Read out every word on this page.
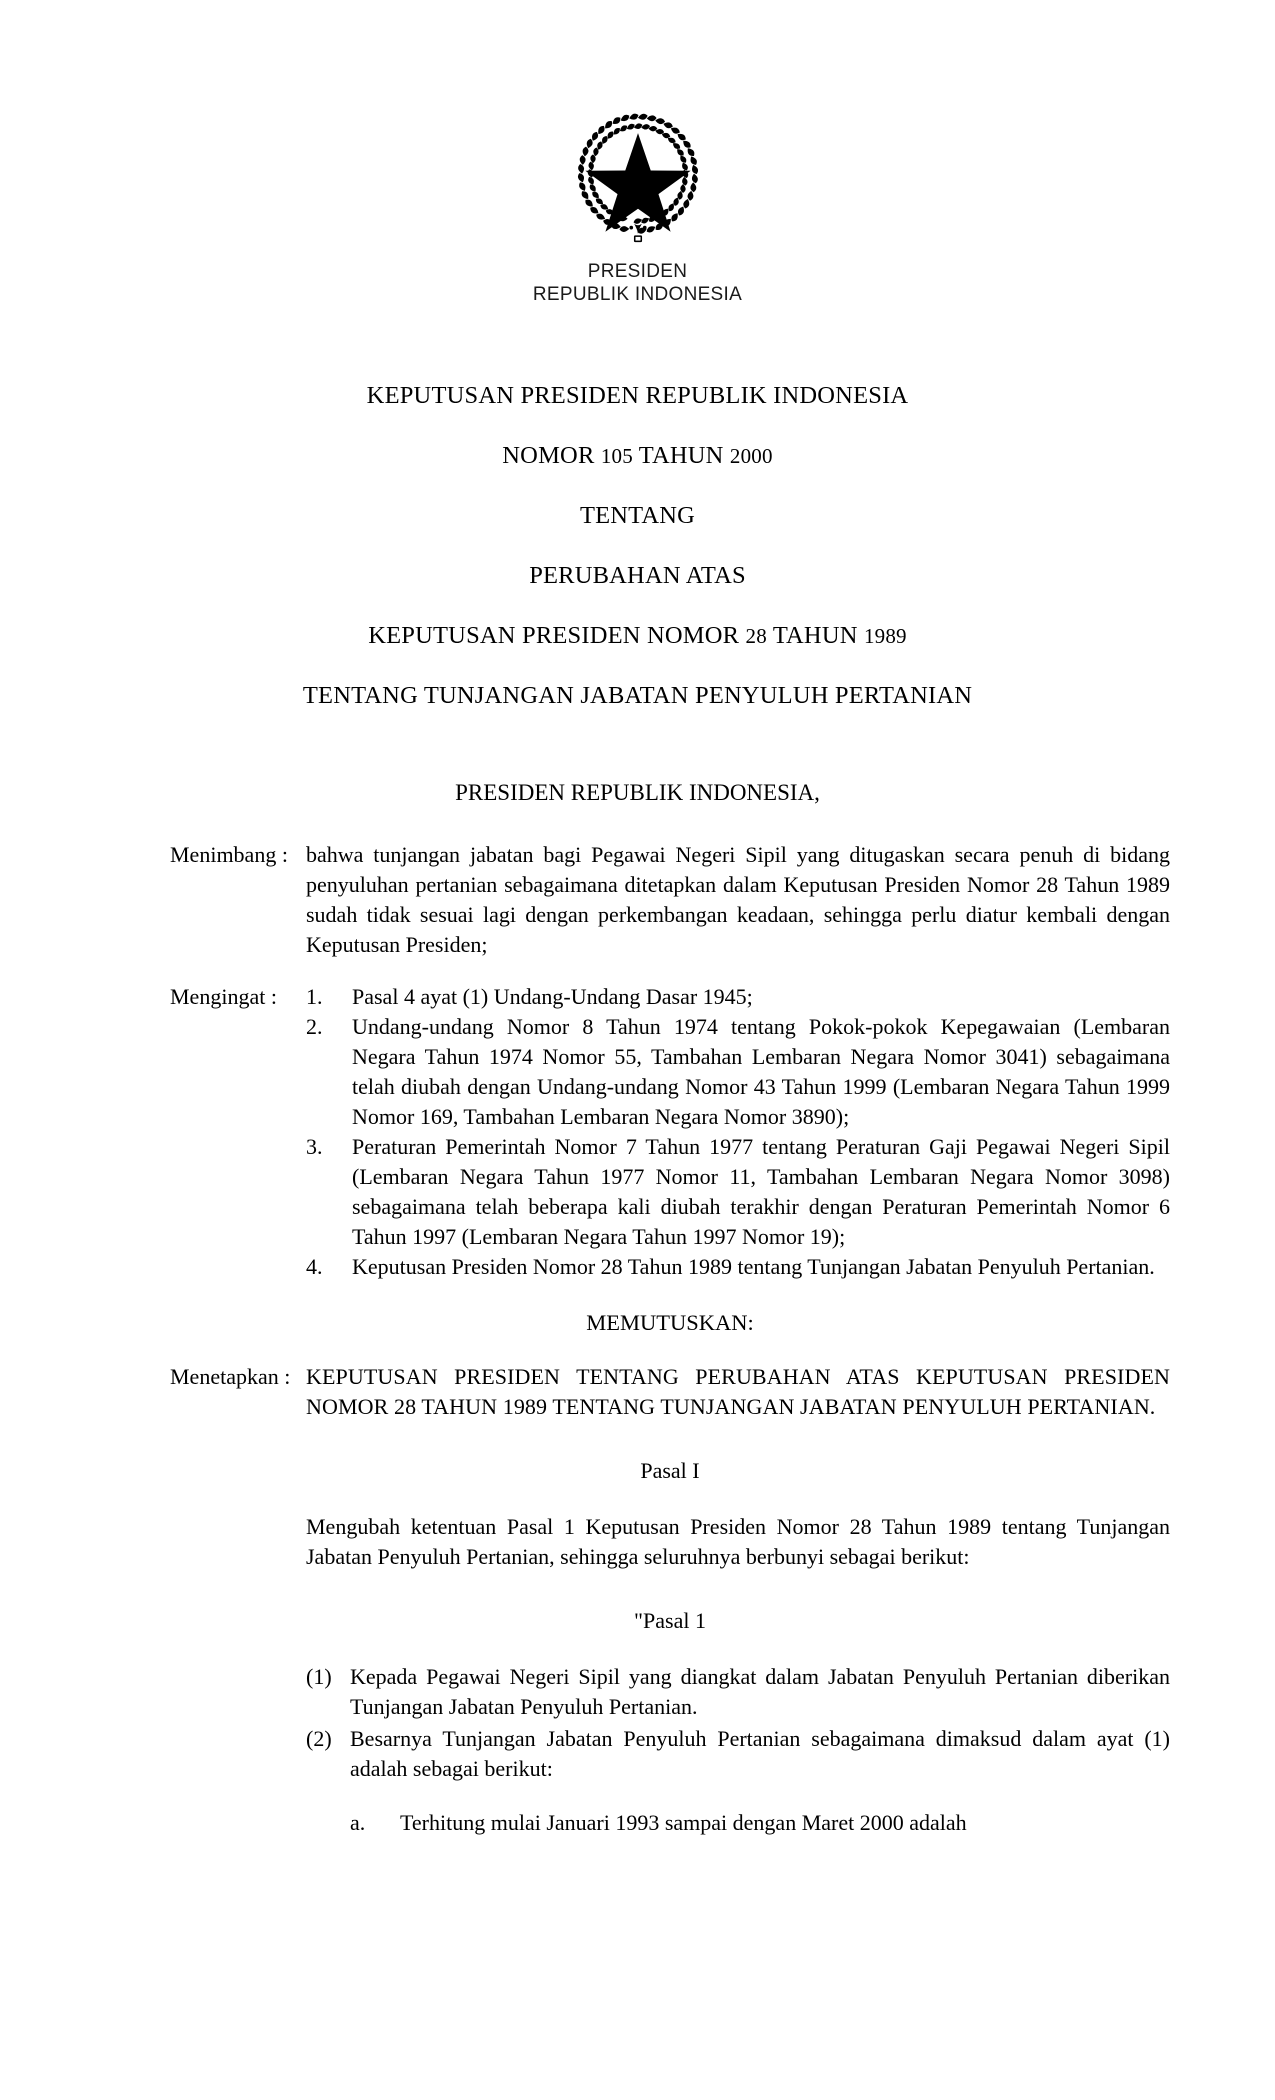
PRESIDEN
REPUBLIK INDONESIA
KEPUTUSAN PRESIDEN REPUBLIK INDONESIA
NOMOR 105 TAHUN 2000
TENTANG
PERUBAHAN ATAS
KEPUTUSAN PRESIDEN NOMOR 28 TAHUN 1989
TENTANG TUNJANGAN JABATAN PENYULUH PERTANIAN
PRESIDEN REPUBLIK INDONESIA,
Menimbang : bahwa tunjangan jabatan bagi Pegawai Negeri Sipil yang ditugaskan secara penuh di bidang penyuluhan pertanian sebagaimana ditetapkan dalam Keputusan Presiden Nomor 28 Tahun 1989 sudah tidak sesuai lagi dengan perkembangan keadaan, sehingga perlu diatur kembali dengan Keputusan Presiden;
Mengingat :	1.	Pasal 4 ayat (1) Undang-Undang Dasar 1945;
2.	Undang-undang Nomor 8 Tahun 1974 tentang Pokok-pokok Kepegawaian (Lembaran Negara Tahun 1974 Nomor 55, Tambahan Lembaran Negara Nomor 3041) sebagaimana telah diubah dengan Undang-undang Nomor 43 Tahun 1999 (Lembaran Negara Tahun 1999 Nomor 169, Tambahan Lembaran Negara Nomor 3890);
3.	Peraturan Pemerintah Nomor 7 Tahun 1977 tentang Peraturan Gaji Pegawai Negeri Sipil (Lembaran Negara Tahun 1977 Nomor 11, Tambahan Lembaran Negara Nomor 3098) sebagaimana telah beberapa kali diubah terakhir dengan Peraturan Pemerintah Nomor 6 Tahun 1997 (Lembaran Negara Tahun 1997 Nomor 19);
4.	Keputusan Presiden Nomor 28 Tahun 1989 tentang Tunjangan Jabatan Penyuluh Pertanian.
MEMUTUSKAN:
Menetapkan : KEPUTUSAN PRESIDEN TENTANG PERUBAHAN ATAS KEPUTUSAN PRESIDEN NOMOR 28 TAHUN 1989 TENTANG TUNJANGAN JABATAN PENYULUH PERTANIAN.
Pasal I

Mengubah ketentuan Pasal 1 Keputusan Presiden Nomor 28 Tahun 1989 tentang Tunjangan Jabatan Penyuluh Pertanian, sehingga seluruhnya berbunyi sebagai berikut:

"Pasal 1
(1) Kepada Pegawai Negeri Sipil yang diangkat dalam Jabatan Penyuluh Pertanian diberikan Tunjangan Jabatan Penyuluh Pertanian.
(2) Besarnya Tunjangan Jabatan Penyuluh Pertanian sebagaimana dimaksud dalam ayat (1) adalah sebagai berikut:
a. Terhitung mulai Januari 1993 sampai dengan Maret 2000 adalah
